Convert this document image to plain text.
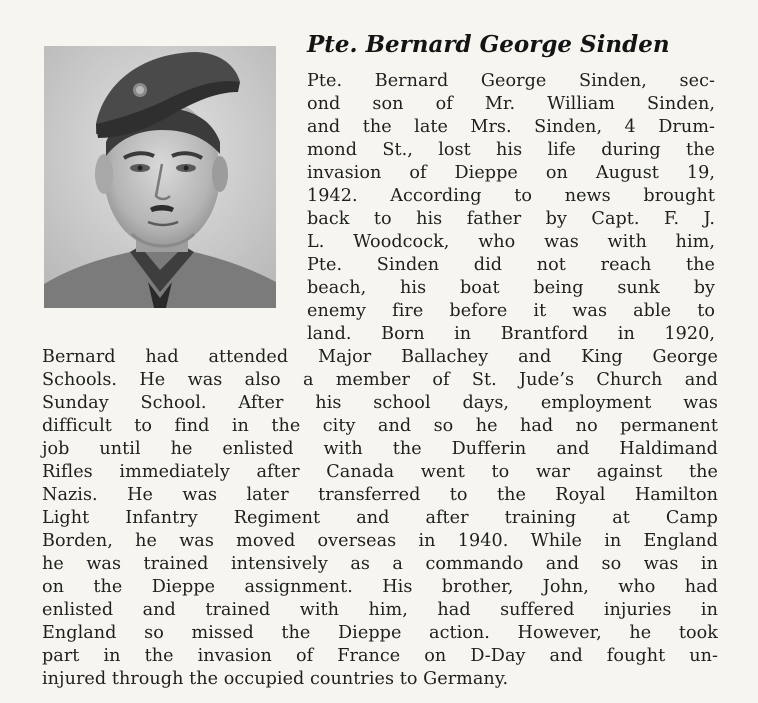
Pte. Bernard George Sinden
Pte. Bernard George Sinden, sec-
ond son of Mr. William Sinden,
and the late Mrs. Sinden, 4 Drum-
mond St., lost his life during the
invasion of Dieppe on August 19,
1942. According to news brought
back to his father by Capt. F. J.
L. Woodcock, who was with him,
Pte. Sinden did not reach the
beach, his boat being sunk by
enemy fire before it was able to
land. Born in Brantford in 1920,
Bernard had attended Major Ballachey and King George
Schools. He was also a member of St. Jude’s Church and
Sunday School. After his school days, employment was
difficult to find in the city and so he had no permanent
job until he enlisted with the Dufferin and Haldimand
Rifles immediately after Canada went to war against the
Nazis. He was later transferred to the Royal Hamilton
Light Infantry Regiment and after training at Camp
Borden, he was moved overseas in 1940. While in England
he was trained intensively as a commando and so was in
on the Dieppe assignment. His brother, John, who had
enlisted and trained with him, had suffered injuries in
England so missed the Dieppe action. However, he took
part in the invasion of France on D-Day and fought un-
injured through the occupied countries to Germany.
